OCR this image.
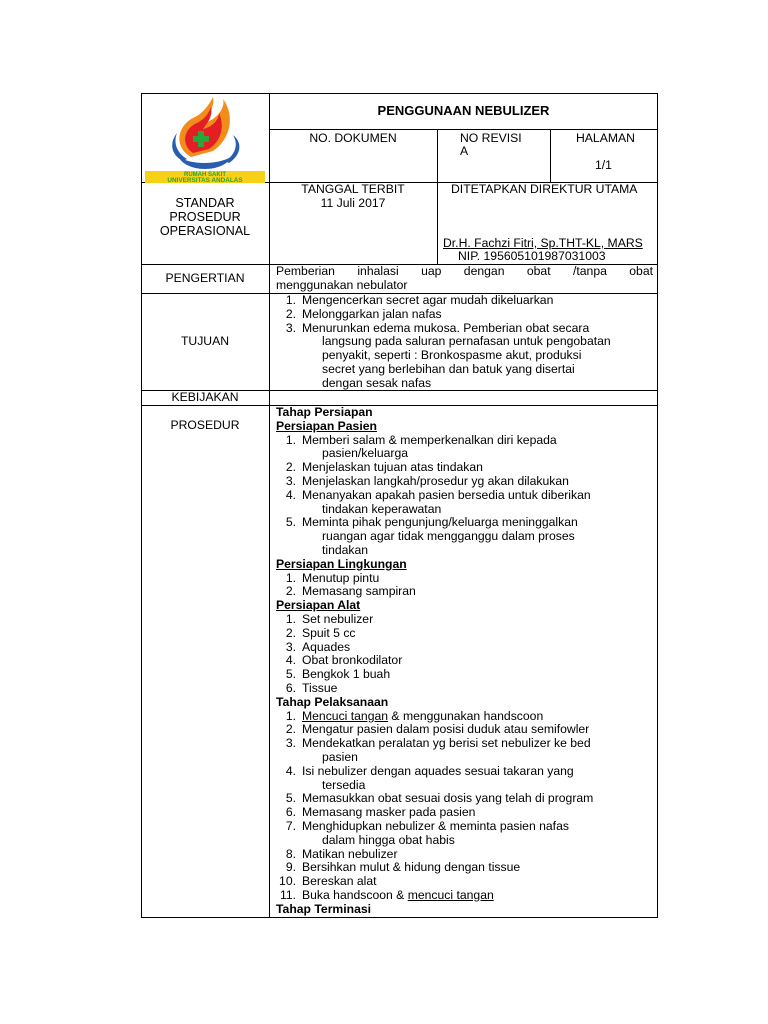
RUMAH SAKIT
UNIVERSITAS ANDALAS
PENGGUNAAN NEBULIZER
NO. DOKUMEN	NO REVISI
A
HALAMAN
1/1
STANDAR
PROSEDUR
OPERASIONAL
TANGGAL TERBIT
11 Juli 2017
DITETAPKAN DIREKTUR UTAMA
Dr.H. Fachzi Fitri, Sp.THT-KL, MARS
NIP. 195605101987031003
PENGERTIAN	Pemberian inhalasi uap dengan obat /tanpa obat
menggunakan nebulator
TUJUAN
1. Mengencerkan secret agar mudah dikeluarkan
2. Melonggarkan jalan nafas
3. Menurunkan edema mukosa. Pemberian obat secara
langsung pada saluran pernafasan untuk pengobatan
penyakit, seperti : Bronkospasme akut, produksi
secret yang berlebihan dan batuk yang disertai
dengan sesak nafas
KEBIJAKAN
PROSEDUR
Tahap Persiapan
Persiapan Pasien
1. Memberi salam & memperkenalkan diri kepada
pasien/keluarga
2. Menjelaskan tujuan atas tindakan
3. Menjelaskan langkah/prosedur yg akan dilakukan
4. Menanyakan apakah pasien bersedia untuk diberikan
tindakan keperawatan
5. Meminta pihak pengunjung/keluarga meninggalkan
ruangan agar tidak mengganggu dalam proses
tindakan
Persiapan Lingkungan
1. Menutup pintu
2. Memasang sampiran
Persiapan Alat
1. Set nebulizer
2. Spuit 5 cc
3. Aquades
4. Obat bronkodilator
5. Bengkok 1 buah
6. Tissue
Tahap Pelaksanaan
1. Mencuci tangan & menggunakan handscoon
2. Mengatur pasien dalam posisi duduk atau semifowler
3. Mendekatkan peralatan yg berisi set nebulizer ke bed
pasien
4. Isi nebulizer dengan aquades sesuai takaran yang
tersedia
5. Memasukkan obat sesuai dosis yang telah di program
6. Memasang masker pada pasien
7. Menghidupkan nebulizer & meminta pasien nafas
dalam hingga obat habis
8. Matikan nebulizer
9. Bersihkan mulut & hidung dengan tissue
10. Bereskan alat
11. Buka handscoon & mencuci tangan
Tahap Terminasi
